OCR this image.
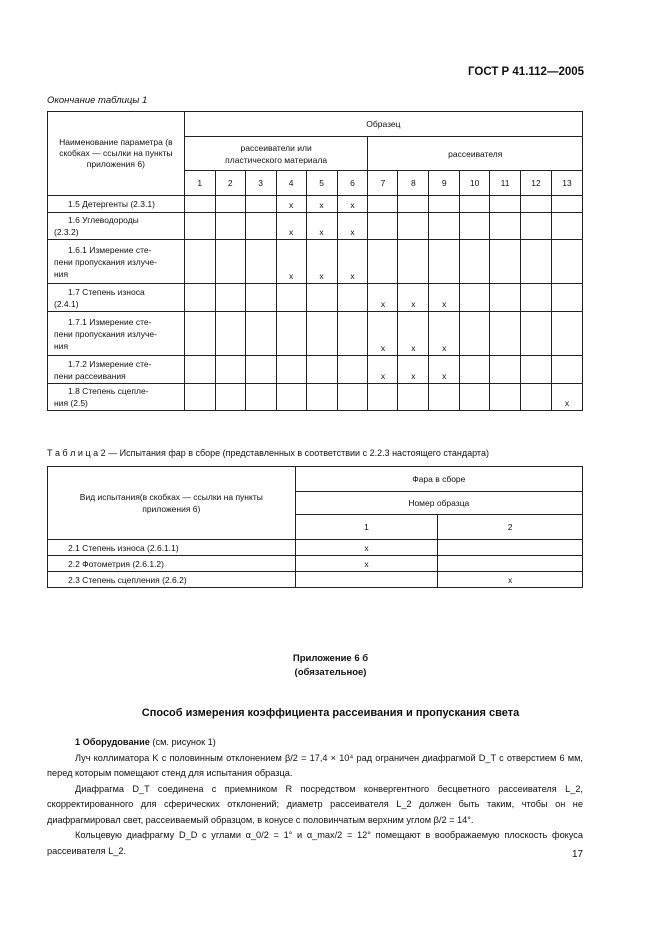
ГОСТ Р 41.112—2005
Окончание таблицы 1
Наименование параметра (в скобках — ссылки на пункты приложения 6)	Образец												
	рассеиватели или пластического материала						рассеивателя						
	1	2	3	4	5	6	7	8	9	10	11	12	13

1.5 Детергенты (2.3.1)				x	x	x							

1.6 Углеводороды
(2.3.2)				x	x	x							

1.6.1 Измерение сте-
пени пропускания излуче-
ния				x	x	x							

1.7 Степень износа
(2.4.1)							x	x	x				

1.7.1 Измерение сте-
пени пропускания излуче-
ния							x	x	x				

1.7.2 Измерение сте-
пени рассеивания							x	x	x				

1.8 Степень сцепле-
ния (2.5)													x
Т а б л и ц а 2 — Испытания фар в сборе (представленных в соответствии с 2.2.3 настоящего стандарта)
Вид испытания(в скобках — ссылки на пункты приложения 6)	Фара в сборе	
	Номер образца	
	1	2
2.1 Степень износа (2.6.1.1)	x	
2.2 Фотометрия (2.6.1.2)	x	
2.3 Степень сцепления (2.6.2)		x
Приложение 6 б
(обязательное)
Способ измерения коэффициента рассеивания и пропускания света

1 Оборудование (см. рисунок 1)

Луч коллиматора K с половинным отклонением β/2 = 17,4 × 10⁴ рад ограничен диафрагмой D_T с отверстием 6 мм, перед которым помещают стенд для испытания образца.

Диафрагма D_T соединена с приемником R посредством конвергентного бесцветного рассеивателя L_2, скорректированного для сферических отклонений; диаметр рассеивателя L_2 должен быть таким, чтобы он не диафрагмировал свет, рассеиваемый образцом, в конусе с половинчатым верхним углом β/2 = 14°.

Кольцевую диафрагму D_D с углами α_0/2 = 1° и α_max/2 = 12° помещают в воображаемую плоскость фокуса рассеивателя L_2.	17
